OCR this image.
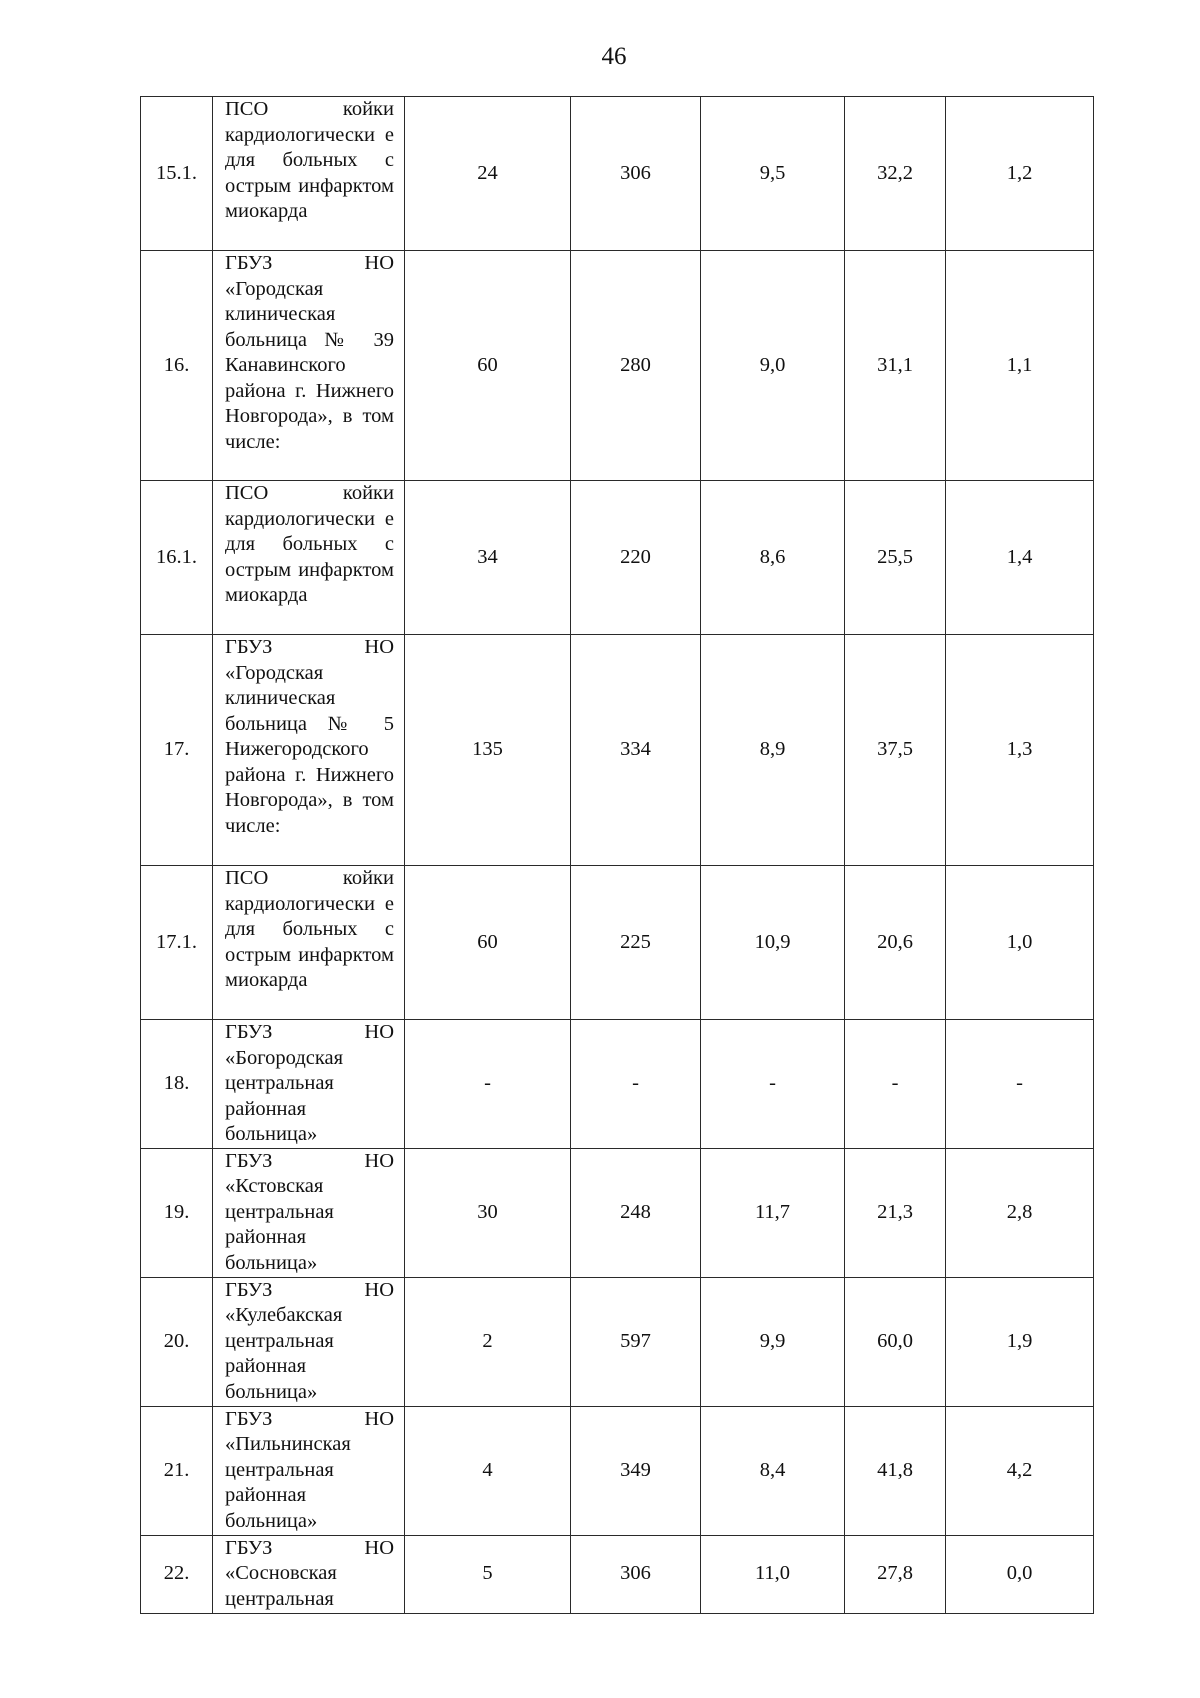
46
15.1.	ПСО койки кардиологически е для больных с острым инфарктом миокарда	24	306	9,5	32,2	1,2
16.	ГБУЗ НО «Городская клиническая больница № 39 Канавинского района г. Нижнего Новгорода», в том числе:	60	280	9,0	31,1	1,1
16.1.	ПСО койки кардиологически е для больных с острым инфарктом миокарда	34	220	8,6	25,5	1,4
17.	ГБУЗ НО «Городская клиническая больница № 5 Нижегородского района г. Нижнего Новгорода», в том числе:	135	334	8,9	37,5	1,3
17.1.	ПСО койки кардиологически е для больных с острым инфарктом миокарда	60	225	10,9	20,6	1,0
18.	ГБУЗ НО «Богородская центральная районная больница»	-	-	-	-	-
19.	ГБУЗ НО «Кстовская центральная районная больница»	30	248	11,7	21,3	2,8
20.	ГБУЗ НО «Кулебакская центральная районная больница»	2	597	9,9	60,0	1,9
21.	ГБУЗ НО «Пильнинская центральная районная больница»	4	349	8,4	41,8	4,2
22.	ГБУЗ НО «Сосновская центральная	5	306	11,0	27,8	0,0
